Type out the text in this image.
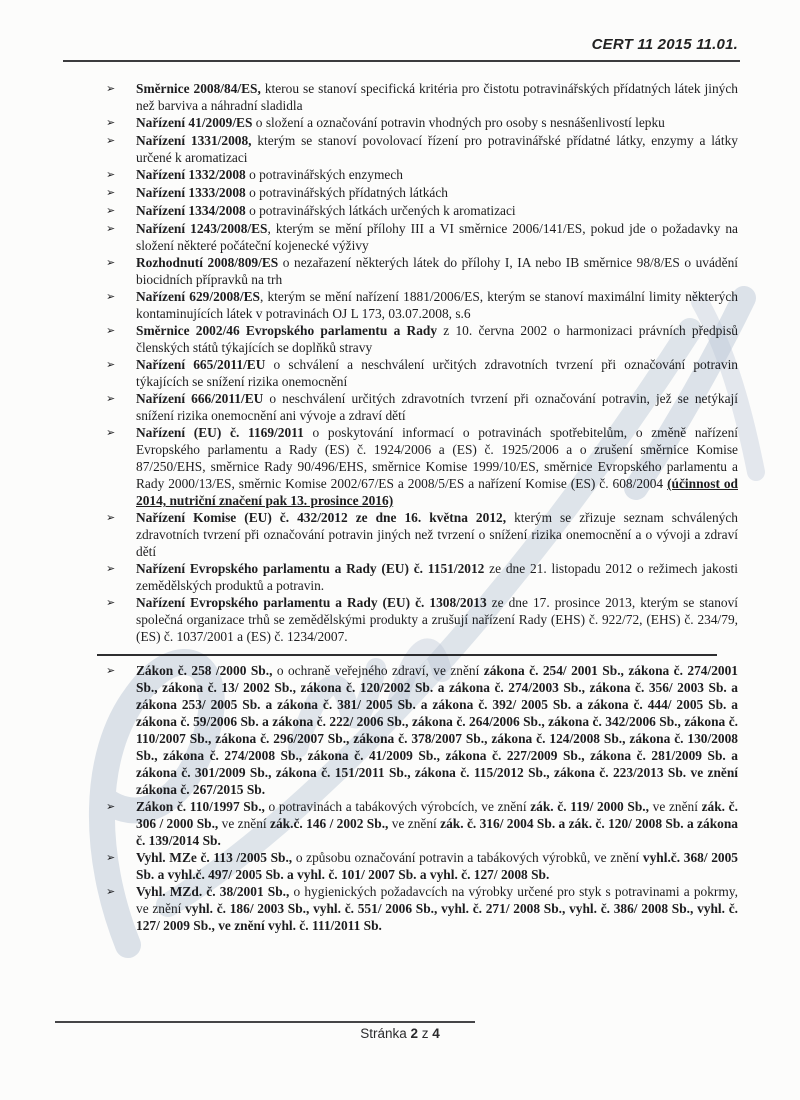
CERT 11 2015 11.01.
➢	Směrnice 2008/84/ES, kterou se stanoví specifická kritéria pro čistotu potravinářských přídatných látek jiných než barviva a náhradní sladidla
➢	Nařízení 41/2009/ES o složení a označování potravin vhodných pro osoby s nesnášenlivostí lepku
➢	Nařízení 1331/2008, kterým se stanoví povolovací řízení pro potravinářské přídatné látky, enzymy a látky určené k aromatizaci
➢	Nařízení 1332/2008 o potravinářských enzymech
➢	Nařízení 1333/2008 o potravinářských přídatných látkách
➢	Nařízení 1334/2008 o potravinářských látkách určených k aromatizaci
➢	Nařízení 1243/2008/ES, kterým se mění přílohy III a VI směrnice 2006/141/ES, pokud jde o požadavky na složení některé počáteční kojenecké výživy
➢	Rozhodnutí 2008/809/ES o nezařazení některých látek do přílohy I, IA nebo IB směrnice 98/8/ES o uvádění biocidních přípravků na trh
➢	Nařízení 629/2008/ES, kterým se mění nařízení 1881/2006/ES, kterým se stanoví maximální limity některých kontaminujících látek v potravinách OJ L 173, 03.07.2008, s.6
➢	Směrnice 2002/46 Evropského parlamentu a Rady z 10. června 2002 o harmonizaci právních předpisů členských států týkajících se doplňků stravy
➢	Nařízení 665/2011/EU o schválení a neschválení určitých zdravotních tvrzení při označování potravin týkajících se snížení rizika onemocnění
➢	Nařízení 666/2011/EU o neschválení určitých zdravotních tvrzení při označování potravin, jež se netýkají snížení rizika onemocnění ani vývoje a zdraví dětí
➢	Nařízení (EU) č. 1169/2011 o poskytování informací o potravinách spotřebitelům, o změně nařízení Evropského parlamentu a Rady (ES) č. 1924/2006 a (ES) č. 1925/2006 a o zrušení směrnice Komise 87/250/EHS, směrnice Rady 90/496/EHS, směrnice Komise 1999/10/ES, směrnice Evropského parlamentu a Rady 2000/13/ES, směrnic Komise 2002/67/ES a 2008/5/ES a nařízení Komise (ES) č. 608/2004 (účinnost od 2014, nutriční značení pak 13. prosince 2016)
➢	Nařízení Komise (EU) č. 432/2012 ze dne 16. května 2012, kterým se zřizuje seznam schválených zdravotních tvrzení při označování potravin jiných než tvrzení o snížení rizika onemocnění a o vývoji a zdraví dětí
➢	Nařízení Evropského parlamentu a Rady (EU) č. 1151/2012 ze dne 21. listopadu 2012 o režimech jakosti zemědělských produktů a potravin.
➢	Nařízení Evropského parlamentu a Rady (EU) č. 1308/2013 ze dne 17. prosince 2013, kterým se stanoví společná organizace trhů se zemědělskými produkty a zrušují nařízení Rady (EHS) č. 922/72, (EHS) č. 234/79, (ES) č. 1037/2001 a (ES) č. 1234/2007.
➢	Zákon č. 258 /2000 Sb., o ochraně veřejného zdraví, ve znění zákona č. 254/ 2001 Sb., zákona č. 274/2001 Sb., zákona č. 13/ 2002 Sb., zákona č. 120/2002 Sb. a zákona č. 274/2003 Sb., zákona č. 356/ 2003 Sb. a zákona 253/ 2005 Sb. a zákona č. 381/ 2005 Sb. a zákona č. 392/ 2005 Sb. a zákona č. 444/ 2005 Sb. a zákona č. 59/2006 Sb. a zákona č. 222/ 2006 Sb., zákona č. 264/2006 Sb., zákona č. 342/2006 Sb., zákona č. 110/2007 Sb., zákona č. 296/2007 Sb., zákona č. 378/2007 Sb., zákona č. 124/2008 Sb., zákona č. 130/2008 Sb., zákona č. 274/2008 Sb., zákona č. 41/2009 Sb., zákona č. 227/2009 Sb., zákona č. 281/2009 Sb. a zákona č. 301/2009 Sb., zákona č. 151/2011 Sb., zákona č. 115/2012 Sb., zákona č. 223/2013 Sb. ve znění zákona č. 267/2015 Sb.
➢	Zákon č. 110/1997 Sb., o potravinách a tabákových výrobcích, ve znění zák. č. 119/ 2000 Sb., ve znění zák. č. 306 / 2000 Sb., ve znění zák.č. 146 / 2002 Sb., ve znění zák. č. 316/ 2004 Sb. a zák. č. 120/ 2008 Sb. a zákona č. 139/2014 Sb.
➢	Vyhl. MZe č. 113 /2005 Sb., o způsobu označování potravin a tabákových výrobků, ve znění vyhl.č. 368/ 2005 Sb. a vyhl.č. 497/ 2005 Sb. a vyhl. č. 101/ 2007 Sb. a vyhl. č. 127/ 2008 Sb.
➢	Vyhl. MZd. č. 38/2001 Sb., o hygienických požadavcích na výrobky určené pro styk s potravinami a pokrmy, ve znění vyhl. č. 186/ 2003 Sb., vyhl. č. 551/ 2006 Sb., vyhl. č. 271/ 2008 Sb., vyhl. č. 386/ 2008 Sb., vyhl. č. 127/ 2009 Sb., ve znění vyhl. č. 111/2011 Sb.
Stránka 2 z 4
